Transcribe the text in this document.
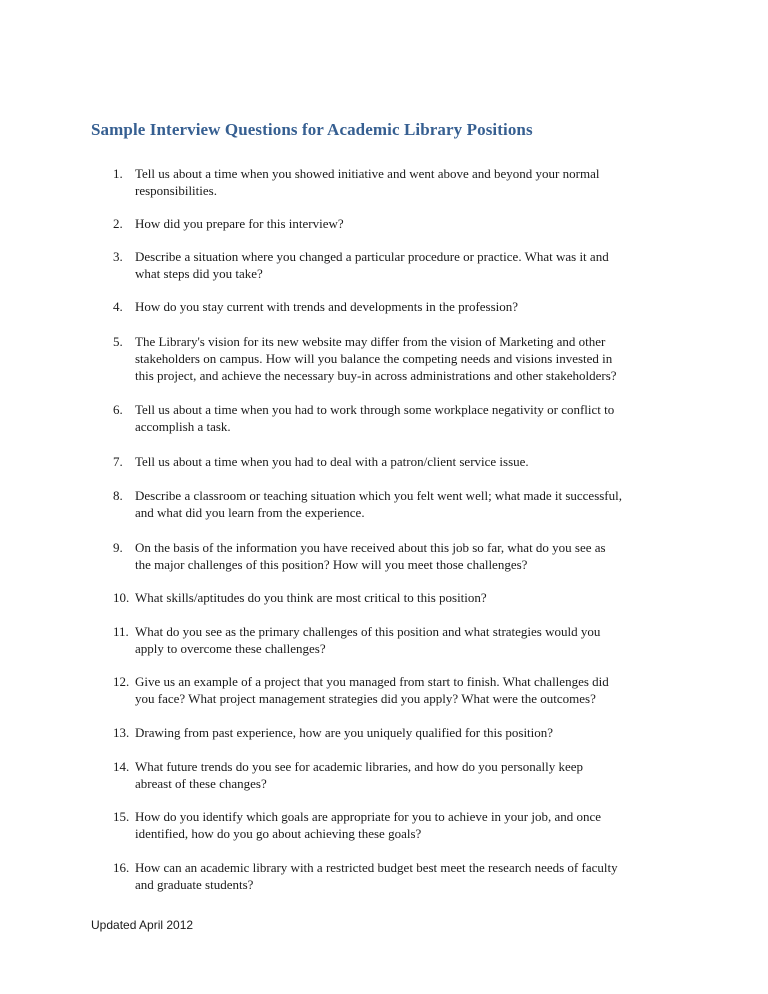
Sample Interview Questions for Academic Library Positions
1. Tell us about a time when you showed initiative and went above and beyond your normal
responsibilities.
2. How did you prepare for this interview?
3. Describe a situation where you changed a particular procedure or practice. What was it and
what steps did you take?
4. How do you stay current with trends and developments in the profession?
5. The Library's vision for its new website may differ from the vision of Marketing and other
stakeholders on campus. How will you balance the competing needs and visions invested in
this project, and achieve the necessary buy-in across administrations and other stakeholders?
6. Tell us about a time when you had to work through some workplace negativity or conflict to
accomplish a task.
7. Tell us about a time when you had to deal with a patron/client service issue.
8. Describe a classroom or teaching situation which you felt went well; what made it successful,
and what did you learn from the experience.
9. On the basis of the information you have received about this job so far, what do you see as
the major challenges of this position? How will you meet those challenges?
10. What skills/aptitudes do you think are most critical to this position?
11. What do you see as the primary challenges of this position and what strategies would you
apply to overcome these challenges?
12. Give us an example of a project that you managed from start to finish. What challenges did
you face? What project management strategies did you apply? What were the outcomes?
13. Drawing from past experience, how are you uniquely qualified for this position?
14. What future trends do you see for academic libraries, and how do you personally keep
abreast of these changes?
15. How do you identify which goals are appropriate for you to achieve in your job, and once
identified, how do you go about achieving these goals?
16. How can an academic library with a restricted budget best meet the research needs of faculty
and graduate students?
Updated April 2012
